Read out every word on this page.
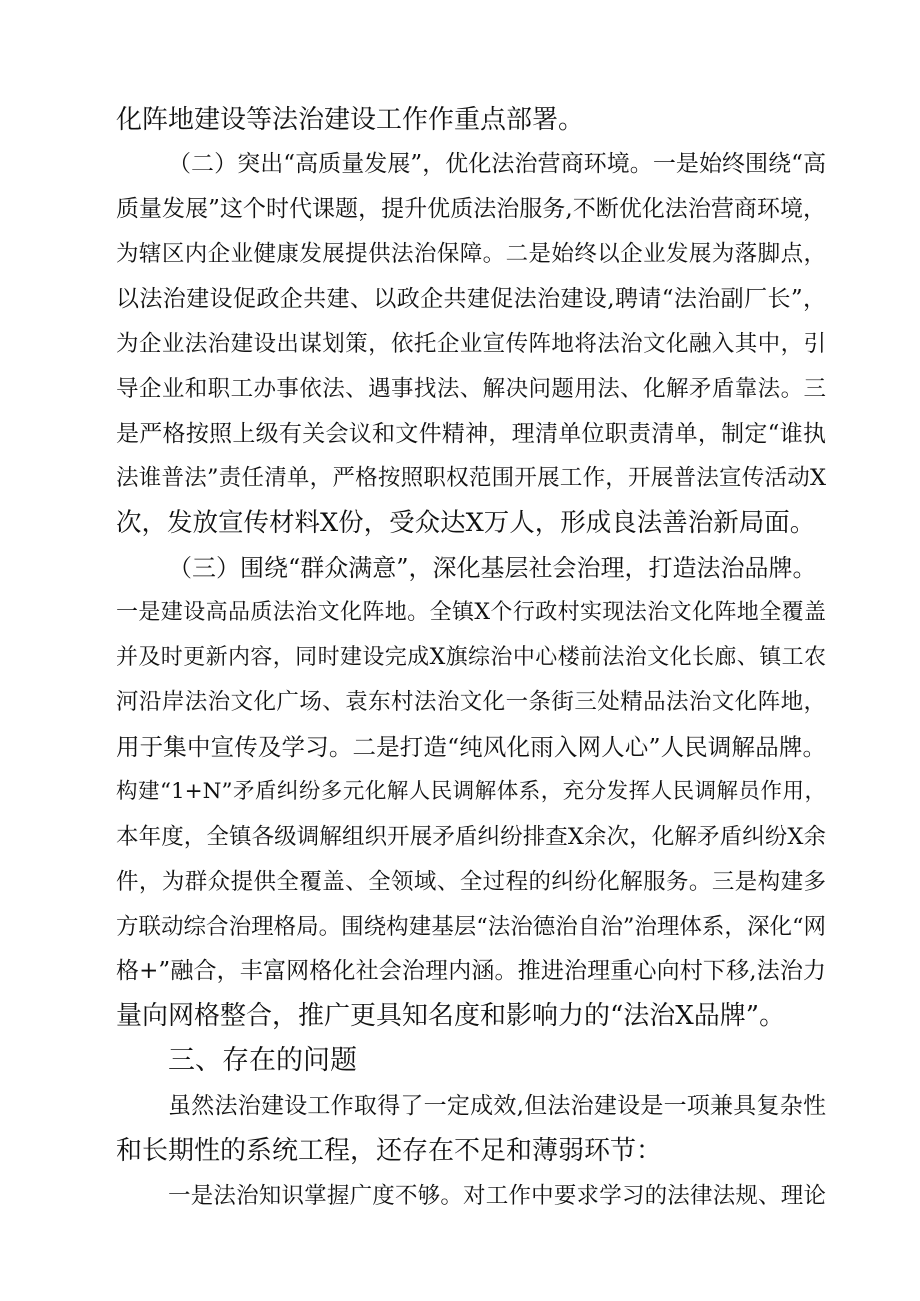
化阵地建设等法治建设工作作重点部署。
（二）突出“高质量发展”，优化法治营商环境。一是始终围绕“高
质量发展”这个时代课题，提升优质法治服务,不断优化法治营商环境，
为辖区内企业健康发展提供法治保障。二是始终以企业发展为落脚点，
以法治建设促政企共建、以政企共建促法治建设,聘请“法治副厂长”，
为企业法治建设出谋划策，依托企业宣传阵地将法治文化融入其中，引
导企业和职工办事依法、遇事找法、解决问题用法、化解矛盾靠法。三
是严格按照上级有关会议和文件精神，理清单位职责清单，制定“谁执
法谁普法”责任清单，严格按照职权范围开展工作，开展普法宣传活动X
次，发放宣传材料X份，受众达X万人，形成良法善治新局面。
（三）围绕“群众满意”，深化基层社会治理，打造法治品牌。
一是建设高品质法治文化阵地。全镇X个行政村实现法治文化阵地全覆盖
并及时更新内容，同时建设完成X旗综治中心楼前法治文化长廊、镇工农
河沿岸法治文化广场、袁东村法治文化一条街三处精品法治文化阵地，
用于集中宣传及学习。二是打造“纯风化雨入网人心”人民调解品牌。
构建“1+N”矛盾纠纷多元化解人民调解体系，充分发挥人民调解员作用，
本年度，全镇各级调解组织开展矛盾纠纷排查X余次，化解矛盾纠纷X余
件，为群众提供全覆盖、全领域、全过程的纠纷化解服务。三是构建多
方联动综合治理格局。围绕构建基层“法治德治自治”治理体系，深化“网
格+”融合，丰富网格化社会治理内涵。推进治理重心向村下移,法治力
量向网格整合，推广更具知名度和影响力的“法治X品牌”。
三、存在的问题
虽然法治建设工作取得了一定成效,但法治建设是一项兼具复杂性
和长期性的系统工程，还存在不足和薄弱环节：
一是法治知识掌握广度不够。对工作中要求学习的法律法规、理论
